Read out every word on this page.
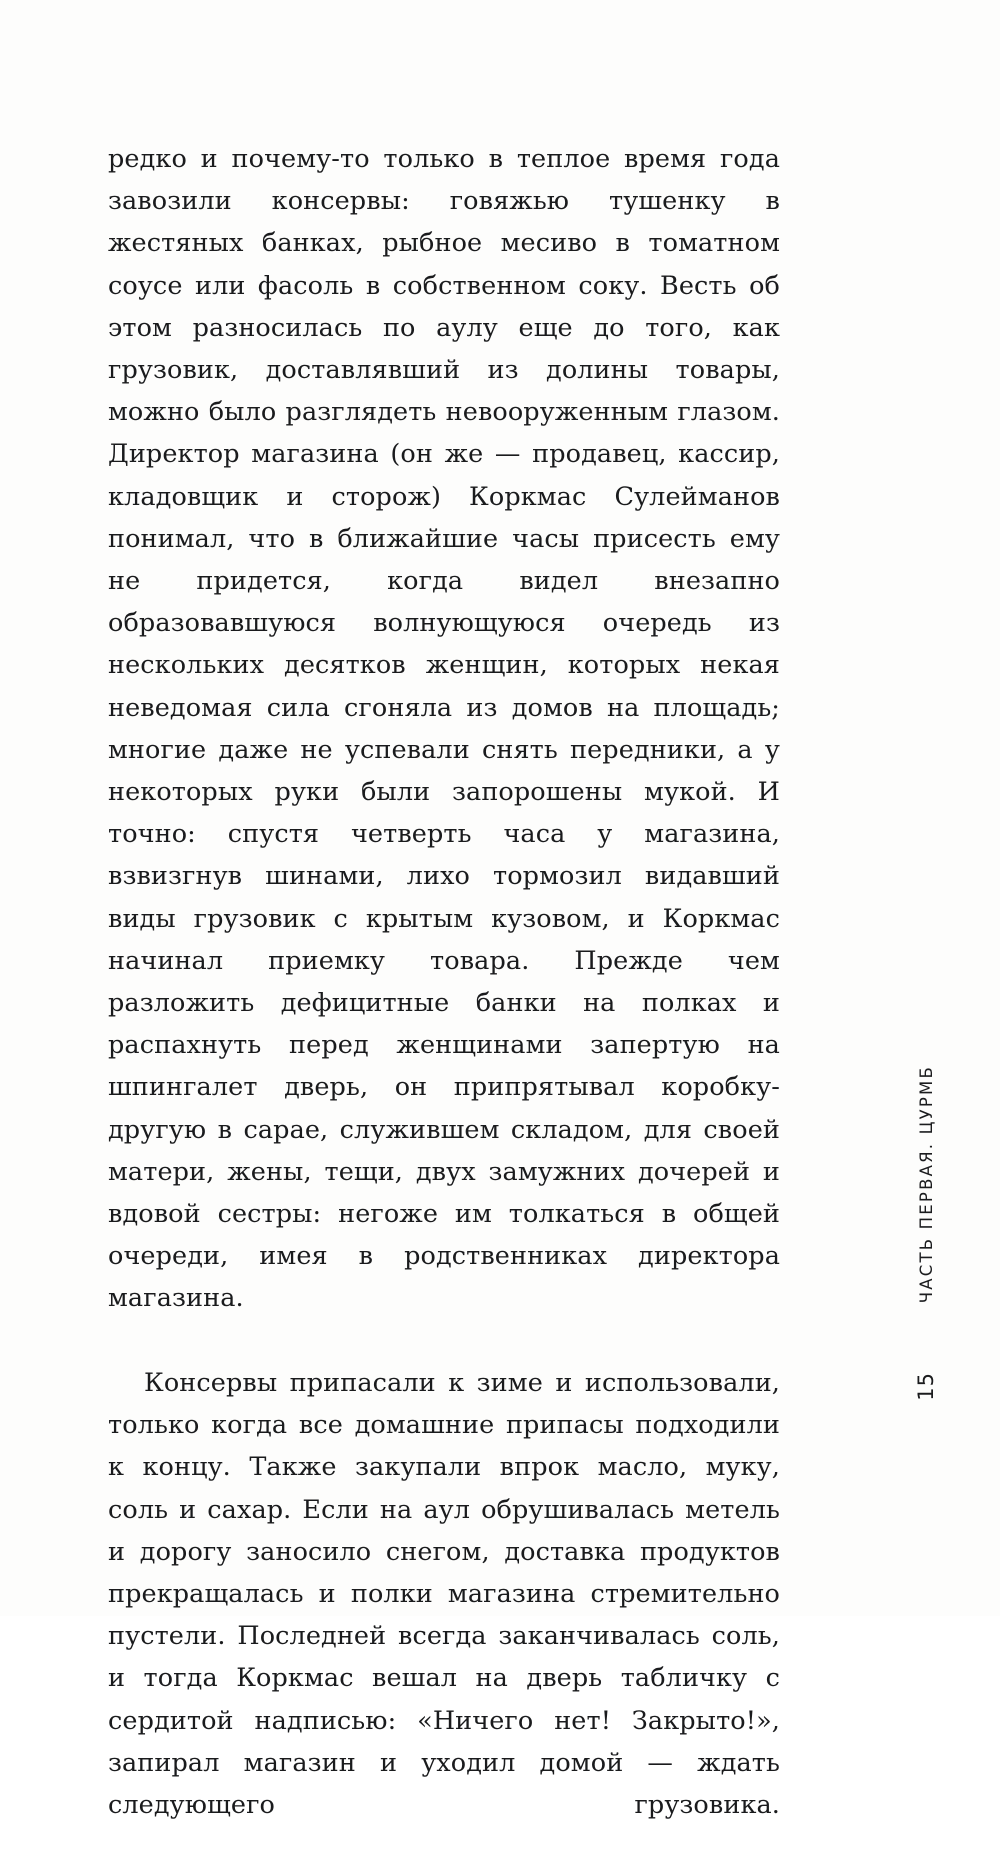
редко и почему-то только в теплое время года завозили консервы: говяжью тушенку в жестяных банках, рыбное месиво в томатном соусе или фасоль в собственном соку. Весть об этом разносилась по аулу еще до того, как грузовик, доставлявший из долины товары, можно было разглядеть невооруженным глазом. Директор магазина (он же — продавец, кассир, кладовщик и сторож) Коркмас Сулейманов понимал, что в ближайшие часы присесть ему не придется, когда видел внезапно образовавшуюся волнующуюся очередь из нескольких десятков женщин, которых некая неведомая сила сгоняла из домов на площадь; многие даже не успевали снять передники, а у некоторых руки были запорошены мукой. И точно: спустя четверть часа у магазина, взвизгнув шинами, лихо тормозил видавший виды грузовик с крытым кузовом, и Коркмас начинал приемку товара. Прежде чем разложить дефицитные банки на полках и распахнуть перед женщинами запертую на шпингалет дверь, он припрятывал коробку-другую в сарае, служившем складом, для своей матери, жены, тещи, двух замужних дочерей и вдовой сестры: негоже им толкаться в общей очереди, имея в родственниках директора магазина.

Консервы припасали к зиме и использовали, только когда все домашние припасы подходили к концу. Также закупали впрок масло, муку, соль и сахар. Если на аул обрушивалась метель и дорогу заносило снегом, доставка продуктов прекращалась и полки магазина стремительно пустели. Последней всегда заканчивалась соль, и тогда Коркмас вешал на дверь табличку с сердитой надписью: «Ничего нет! Закрыто!», запирал магазин и уходил домой — ждать следующего грузовика.

ЧАСТЬ ПЕРВАЯ. ЦУРМБ
15
